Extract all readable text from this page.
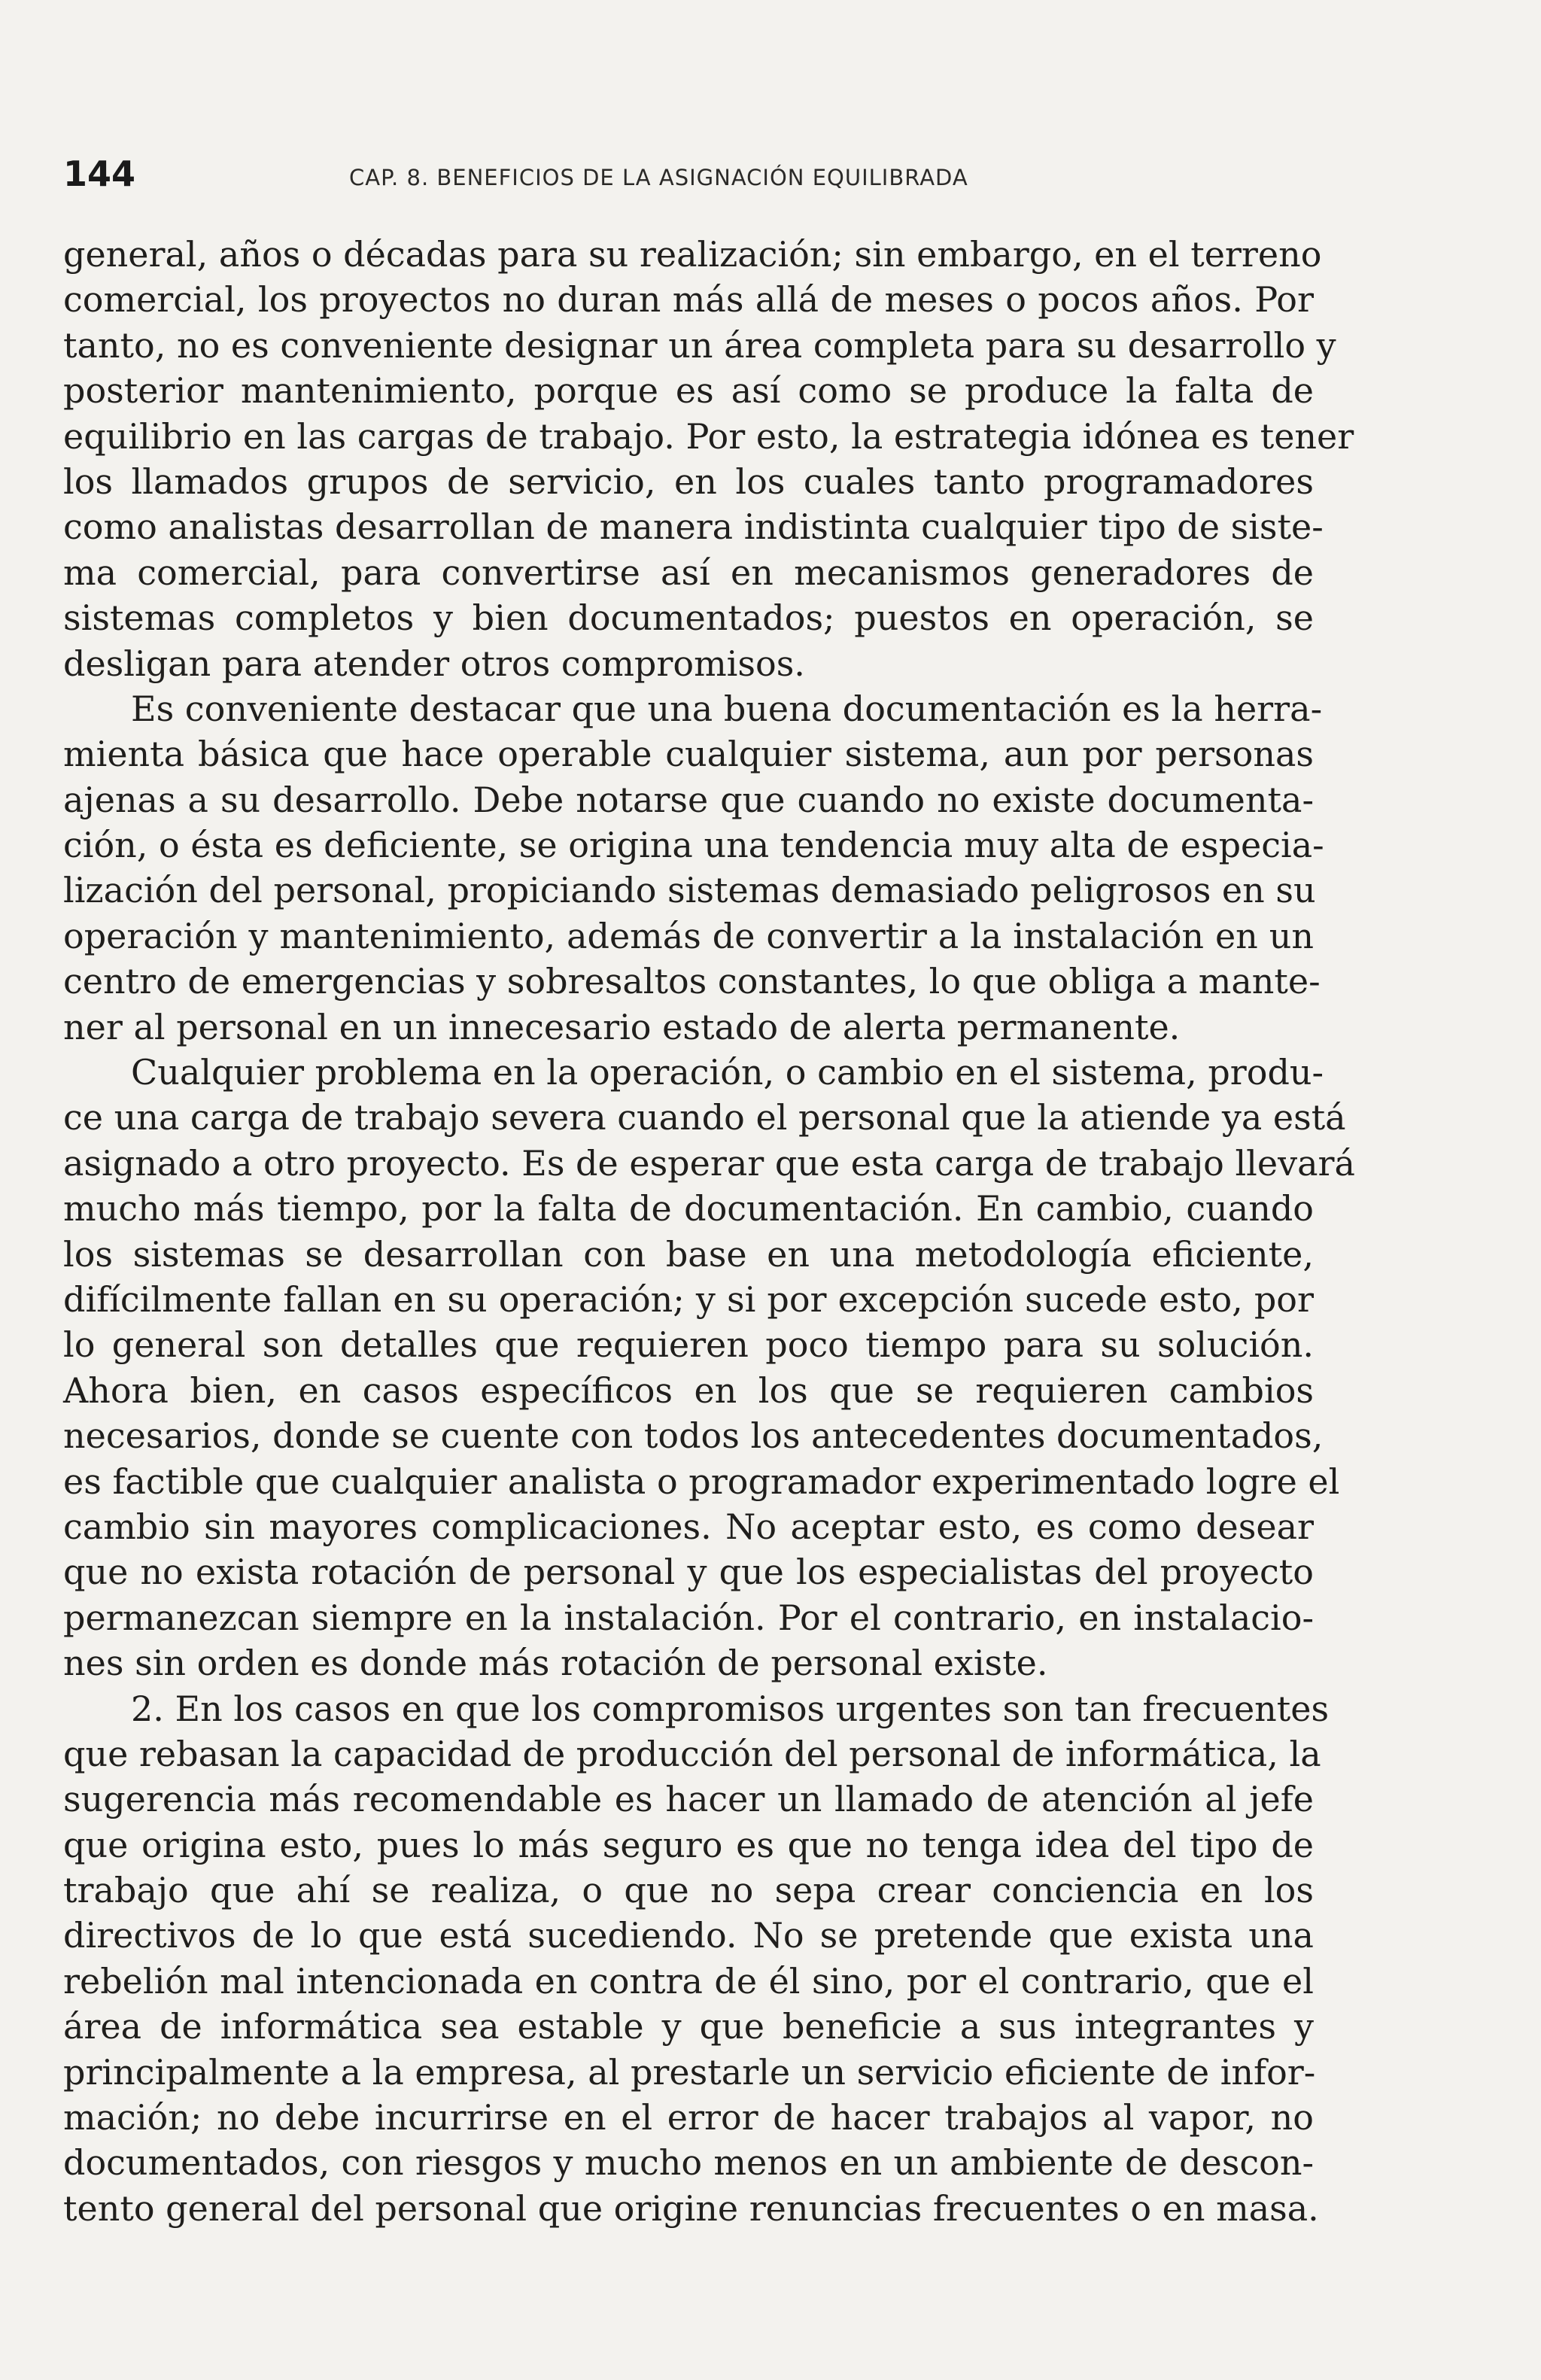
144	CAP. 8. BENEFICIOS DE LA ASIGNACIÓN EQUILIBRADA
general, años o décadas para su realización; sin embargo, en el terreno
comercial, los proyectos no duran más allá de meses o pocos años. Por
tanto, no es conveniente designar un área completa para su desarrollo y
posterior mantenimiento, porque es así como se produce la falta de
equilibrio en las cargas de trabajo. Por esto, la estrategia idónea es tener
los llamados grupos de servicio, en los cuales tanto programadores
como analistas desarrollan de manera indistinta cualquier tipo de siste-
ma comercial, para convertirse así en mecanismos generadores de
sistemas completos y bien documentados; puestos en operación, se
desligan para atender otros compromisos.
Es conveniente destacar que una buena documentación es la herra-
mienta básica que hace operable cualquier sistema, aun por personas
ajenas a su desarrollo. Debe notarse que cuando no existe documenta-
ción, o ésta es deficiente, se origina una tendencia muy alta de especia-
lización del personal, propiciando sistemas demasiado peligrosos en su
operación y mantenimiento, además de convertir a la instalación en un
centro de emergencias y sobresaltos constantes, lo que obliga a mante-
ner al personal en un innecesario estado de alerta permanente.
Cualquier problema en la operación, o cambio en el sistema, produ-
ce una carga de trabajo severa cuando el personal que la atiende ya está
asignado a otro proyecto. Es de esperar que esta carga de trabajo llevará
mucho más tiempo, por la falta de documentación. En cambio, cuando
los sistemas se desarrollan con base en una metodología eficiente,
difícilmente fallan en su operación; y si por excepción sucede esto, por
lo general son detalles que requieren poco tiempo para su solución.
Ahora bien, en casos específicos en los que se requieren cambios
necesarios, donde se cuente con todos los antecedentes documentados,
es factible que cualquier analista o programador experimentado logre el
cambio sin mayores complicaciones. No aceptar esto, es como desear
que no exista rotación de personal y que los especialistas del proyecto
permanezcan siempre en la instalación. Por el contrario, en instalacio-
nes sin orden es donde más rotación de personal existe.
2. En los casos en que los compromisos urgentes son tan frecuentes
que rebasan la capacidad de producción del personal de informática, la
sugerencia más recomendable es hacer un llamado de atención al jefe
que origina esto, pues lo más seguro es que no tenga idea del tipo de
trabajo que ahí se realiza, o que no sepa crear conciencia en los
directivos de lo que está sucediendo. No se pretende que exista una
rebelión mal intencionada en contra de él sino, por el contrario, que el
área de informática sea estable y que beneficie a sus integrantes y
principalmente a la empresa, al prestarle un servicio eficiente de infor-
mación; no debe incurrirse en el error de hacer trabajos al vapor, no
documentados, con riesgos y mucho menos en un ambiente de descon-
tento general del personal que origine renuncias frecuentes o en masa.
